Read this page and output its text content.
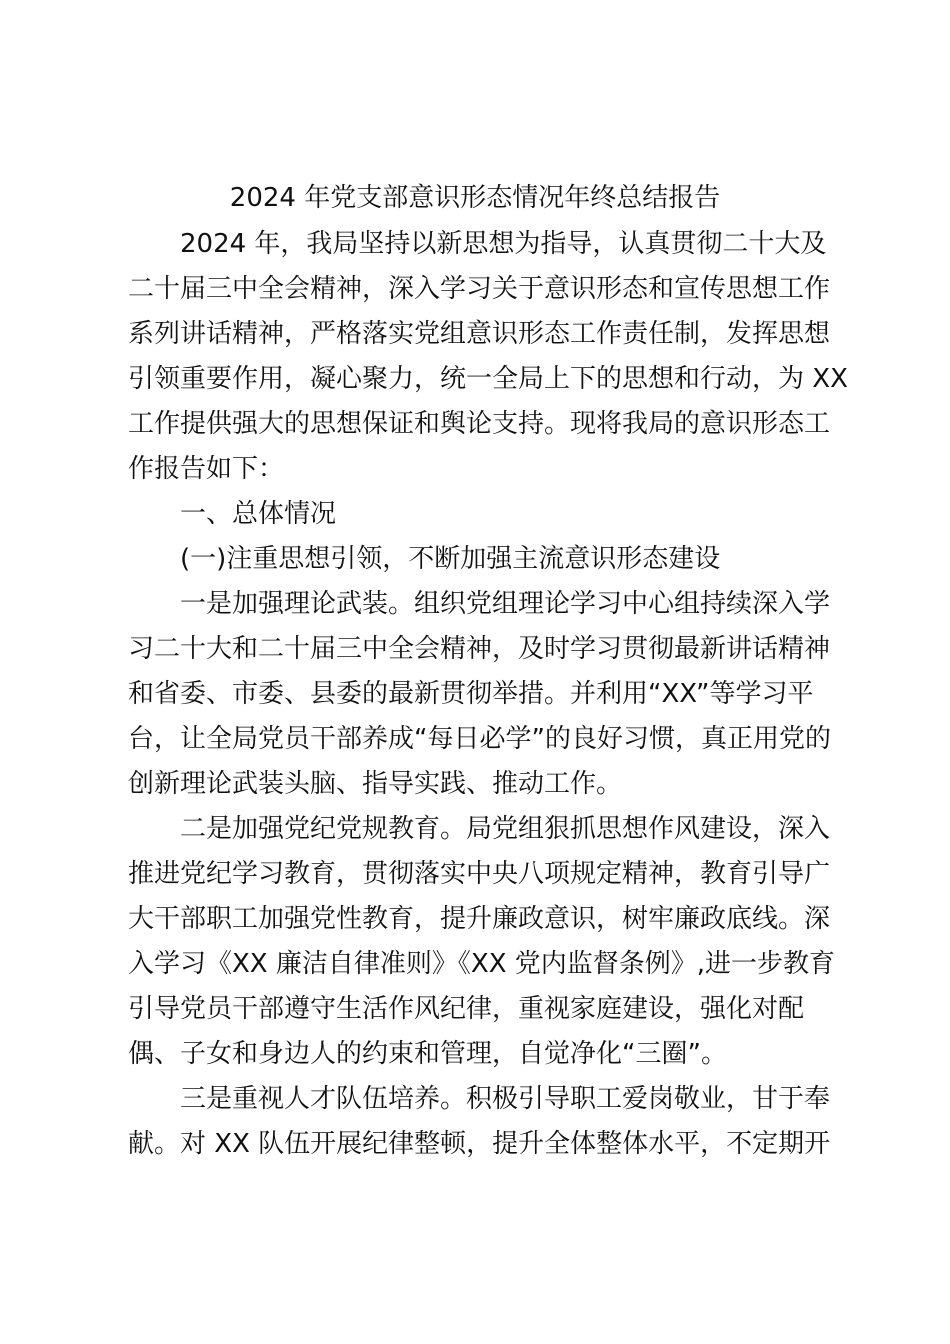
2024 年党支部意识形态情况年终总结报告

2024 年，我局坚持以新思想为指导，认真贯彻二十大及
二十届三中全会精神，深入学习关于意识形态和宣传思想工作
系列讲话精神，严格落实党组意识形态工作责任制，发挥思想
引领重要作用，凝心聚力，统一全局上下的思想和行动，为 XX
工作提供强大的思想保证和舆论支持。现将我局的意识形态工
作报告如下：

一、总体情况

(一)注重思想引领，不断加强主流意识形态建设

一是加强理论武装。组织党组理论学习中心组持续深入学
习二十大和二十届三中全会精神，及时学习贯彻最新讲话精神
和省委、市委、县委的最新贯彻举措。并利用“XX”等学习平
台，让全局党员干部养成“每日必学”的良好习惯，真正用党的
创新理论武装头脑、指导实践、推动工作。

二是加强党纪党规教育。局党组狠抓思想作风建设，深入
推进党纪学习教育，贯彻落实中央八项规定精神，教育引导广
大干部职工加强党性教育，提升廉政意识，树牢廉政底线。深
入学习《XX 廉洁自律准则》《XX 党内监督条例》,进一步教育
引导党员干部遵守生活作风纪律，重视家庭建设，强化对配
偶、子女和身边人的约束和管理，自觉净化“三圈”。

三是重视人才队伍培养。积极引导职工爱岗敬业，甘于奉
献。对 XX 队伍开展纪律整顿，提升全体整体水平，不定期开
